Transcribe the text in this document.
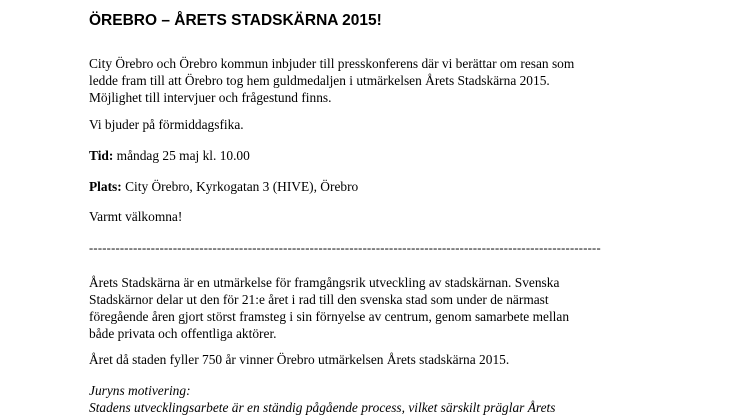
ÖREBRO – ÅRETS STADSKÄRNA 2015!

City Örebro och Örebro kommun inbjuder till presskonferens där vi berättar om resan som
ledde fram till att Örebro tog hem guldmedaljen i utmärkelsen Årets Stadskärna 2015.
Möjlighet till intervjuer och frågestund finns.

Vi bjuder på förmiddagsfika.

Tid: måndag 25 maj kl. 10.00

Plats: City Örebro, Kyrkogatan 3 (HIVE), Örebro

Varmt välkomna!

--------------------------------------------------------------------------------------------------------------------

Årets Stadskärna är en utmärkelse för framgångsrik utveckling av stadskärnan. Svenska
Stadskärnor delar ut den för 21:e året i rad till den svenska stad som under de närmast
föregående åren gjort störst framsteg i sin förnyelse av centrum, genom samarbete mellan
både privata och offentliga aktörer.

Året då staden fyller 750 år vinner Örebro utmärkelsen Årets stadskärna 2015.

Juryns motivering:

Stadens utvecklingsarbete är en ständig pågående process, vilket särskilt präglar Årets
